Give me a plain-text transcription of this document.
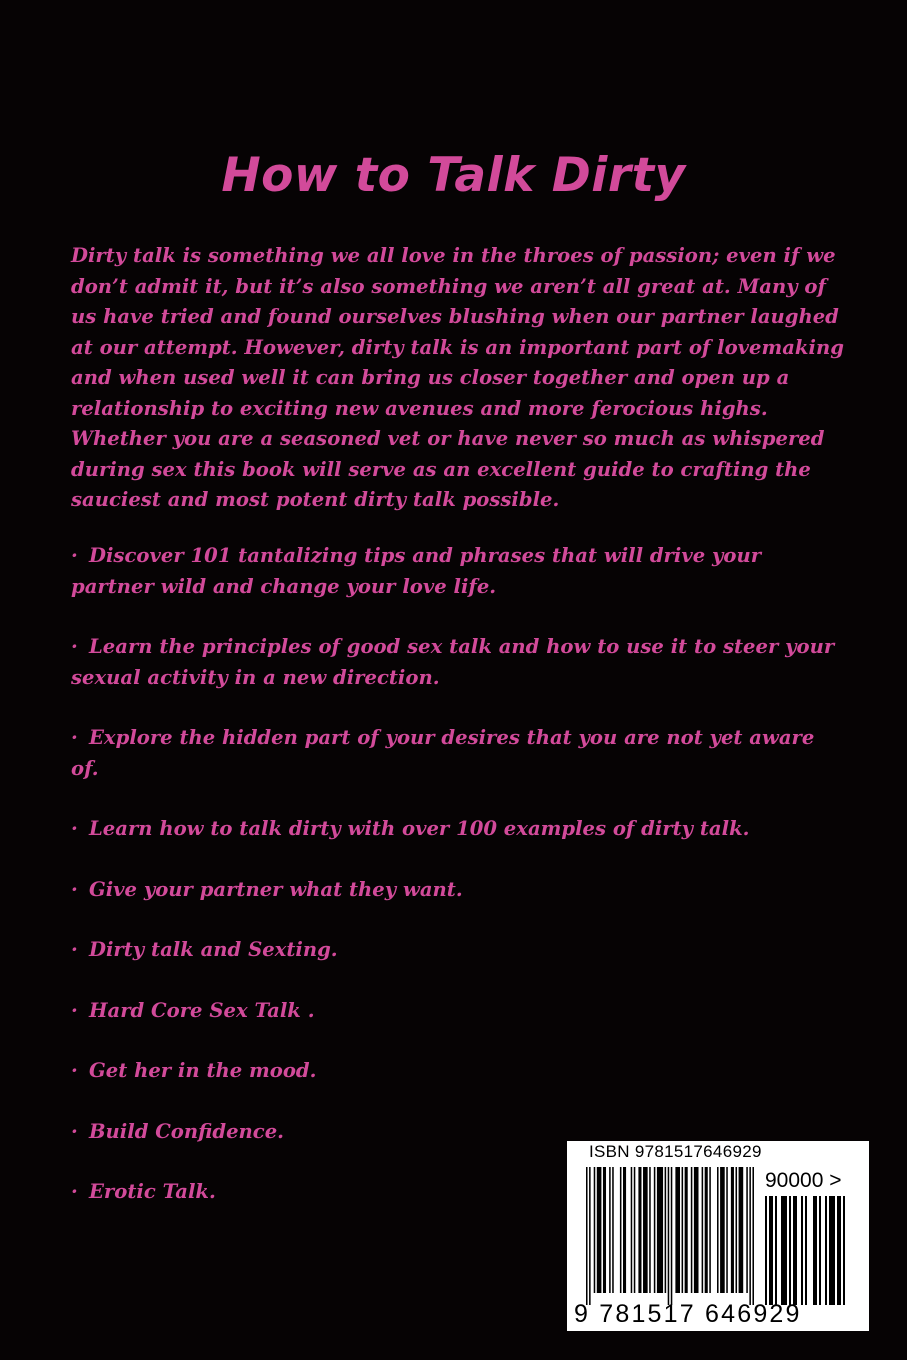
How to Talk Dirty

Dirty talk is something we all love in the throes of passion; even if we don’t admit it, but it’s also something we aren’t all great at. Many of us have tried and found ourselves blushing when our partner laughed at our attempt. However, dirty talk is an important part of lovemaking and when used well it can bring us closer together and open up a relationship to exciting new avenues and more ferocious highs. Whether you are a seasoned vet or have never so much as whispered during sex this book will serve as an excellent guide to crafting the sauciest and most potent dirty talk possible.

· Discover 101 tantalizing tips and phrases that will drive your partner wild and change your love life.
· Learn the principles of good sex talk and how to use it to steer your sexual activity in a new direction.
· Explore the hidden part of your desires that you are not yet aware of.
· Learn how to talk dirty with over 100 examples of dirty talk.
· Give your partner what they want.
· Dirty talk and Sexting.
· Hard Core Sex Talk .
· Get her in the mood.
· Build Confidence.
· Erotic Talk.
ISBN 9781517646929
90000 >
9 781517 646929
